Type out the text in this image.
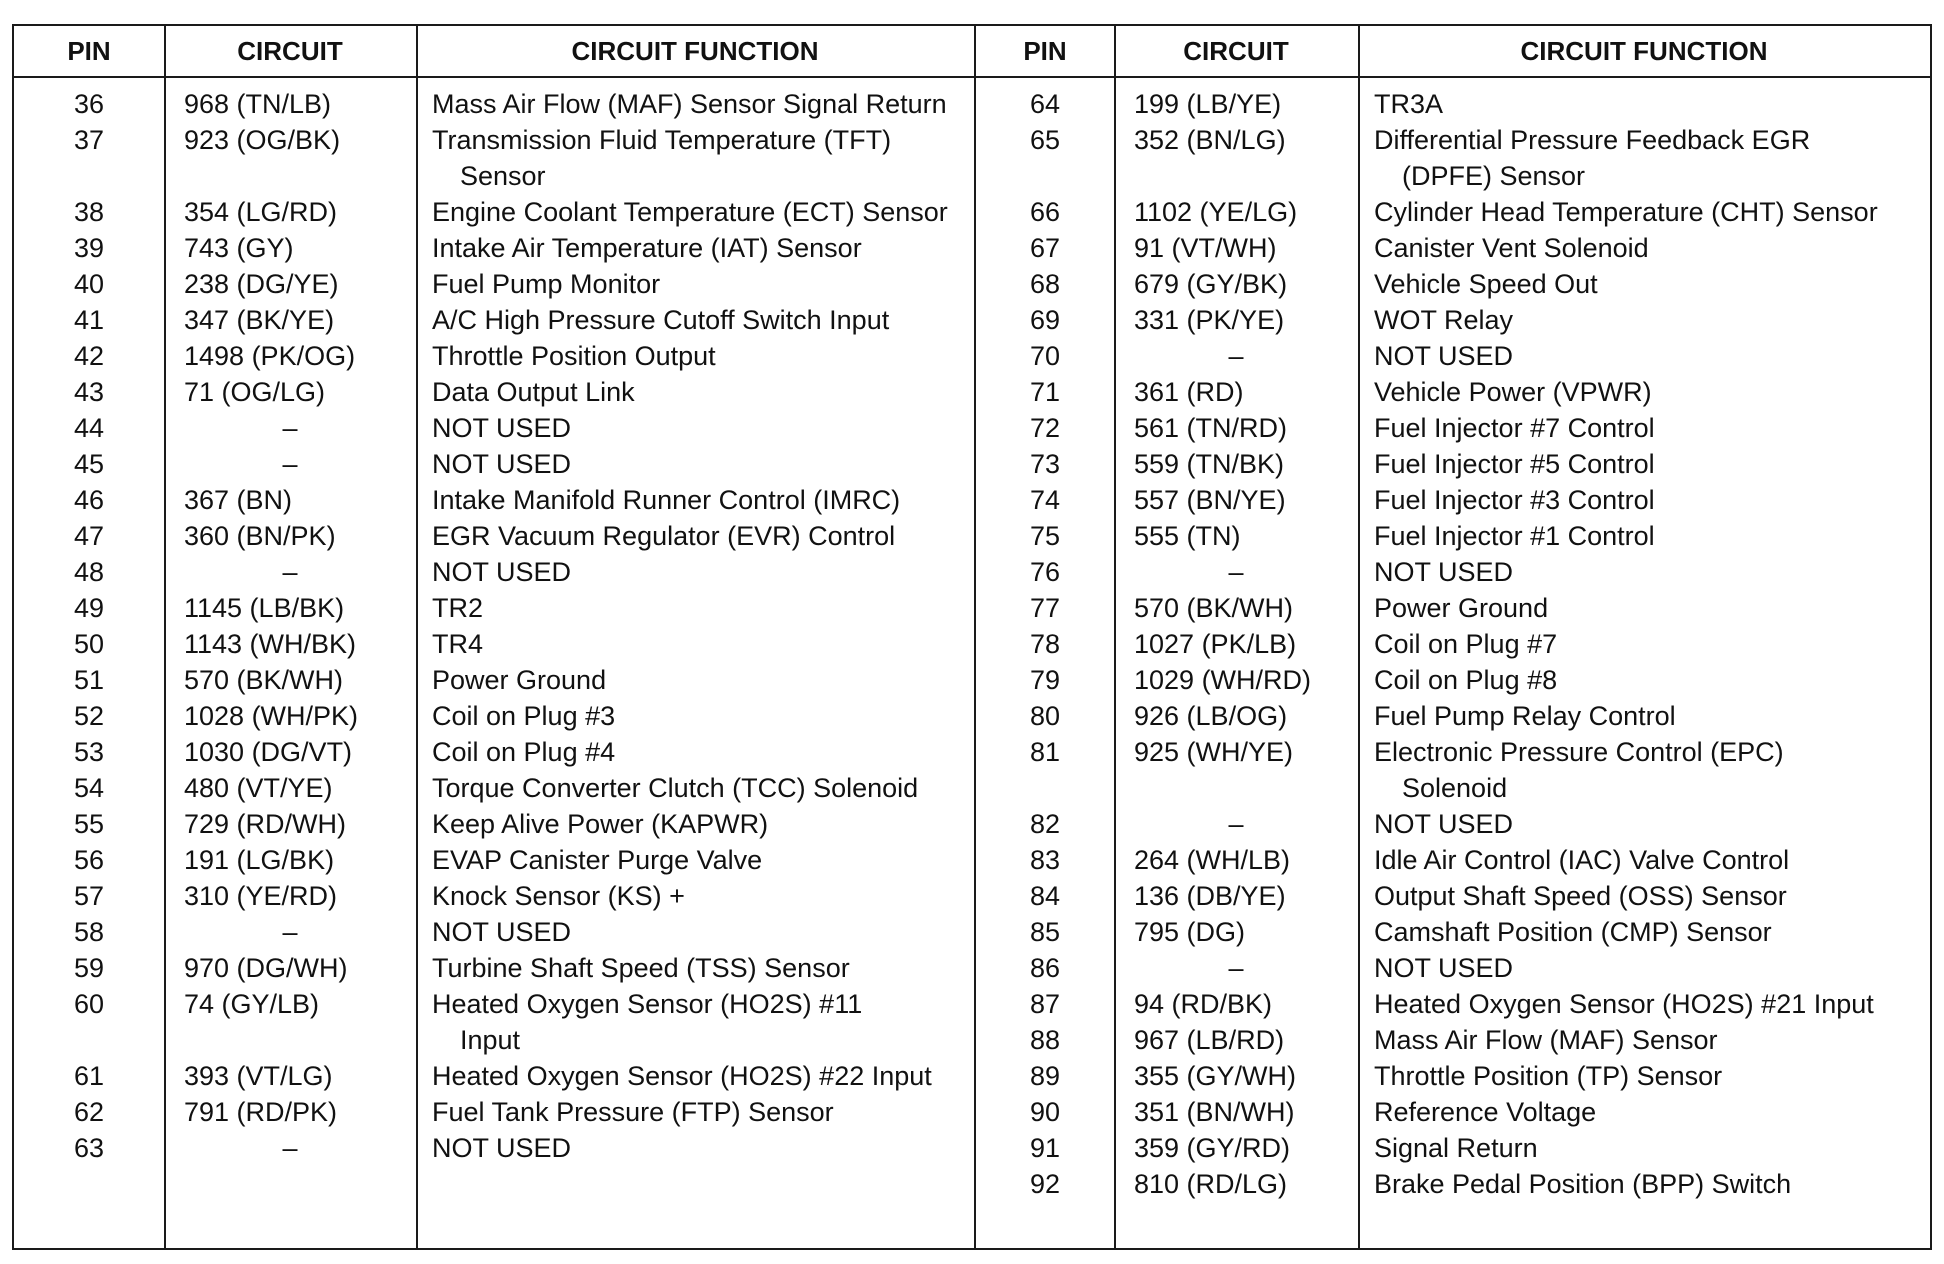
PIN	CIRCUIT	CIRCUIT FUNCTION
36	968 (TN/LB)	Mass Air Flow (MAF) Sensor Signal Return

37	923 (OG/BK)	Transmission Fluid Temperature (TFT)
Sensor

38	354 (LG/RD)	Engine Coolant Temperature (ECT) Sensor

39	743 (GY)	Intake Air Temperature (IAT) Sensor

40	238 (DG/YE)	Fuel Pump Monitor

41	347 (BK/YE)	A/C High Pressure Cutoff Switch Input

42	1498 (PK/OG)	Throttle Position Output

43	71 (OG/LG)	Data Output Link

44	–	NOT USED

45	–	NOT USED

46	367 (BN)	Intake Manifold Runner Control (IMRC)

47	360 (BN/PK)	EGR Vacuum Regulator (EVR) Control

48	–	NOT USED

49	1145 (LB/BK)	TR2

50	1143 (WH/BK)	TR4

51	570 (BK/WH)	Power Ground

52	1028 (WH/PK)	Coil on Plug #3

53	1030 (DG/VT)	Coil on Plug #4

54	480 (VT/YE)	Torque Converter Clutch (TCC) Solenoid

55	729 (RD/WH)	Keep Alive Power (KAPWR)

56	191 (LG/BK)	EVAP Canister Purge Valve

57	310 (YE/RD)	Knock Sensor (KS) +

58	–	NOT USED

59	970 (DG/WH)	Turbine Shaft Speed (TSS) Sensor

60	74 (GY/LB)	Heated Oxygen Sensor (HO2S) #11
Input

61	393 (VT/LG)	Heated Oxygen Sensor (HO2S) #22 Input

62	791 (RD/PK)	Fuel Tank Pressure (FTP) Sensor

63	–	NOT USED
PIN	CIRCUIT	CIRCUIT FUNCTION
64	199 (LB/YE)	TR3A

65	352 (BN/LG)	Differential Pressure Feedback EGR
(DPFE) Sensor

66	1102 (YE/LG)	Cylinder Head Temperature (CHT) Sensor

67	91 (VT/WH)	Canister Vent Solenoid

68	679 (GY/BK)	Vehicle Speed Out

69	331 (PK/YE)	WOT Relay

70	–	NOT USED

71	361 (RD)	Vehicle Power (VPWR)

72	561 (TN/RD)	Fuel Injector #7 Control

73	559 (TN/BK)	Fuel Injector #5 Control

74	557 (BN/YE)	Fuel Injector #3 Control

75	555 (TN)	Fuel Injector #1 Control

76	–	NOT USED

77	570 (BK/WH)	Power Ground

78	1027 (PK/LB)	Coil on Plug #7

79	1029 (WH/RD)	Coil on Plug #8

80	926 (LB/OG)	Fuel Pump Relay Control

81	925 (WH/YE)	Electronic Pressure Control (EPC)
Solenoid

82	–	NOT USED

83	264 (WH/LB)	Idle Air Control (IAC) Valve Control

84	136 (DB/YE)	Output Shaft Speed (OSS) Sensor

85	795 (DG)	Camshaft Position (CMP) Sensor

86	–	NOT USED

87	94 (RD/BK)	Heated Oxygen Sensor (HO2S) #21 Input

88	967 (LB/RD)	Mass Air Flow (MAF) Sensor

89	355 (GY/WH)	Throttle Position (TP) Sensor

90	351 (BN/WH)	Reference Voltage

91	359 (GY/RD)	Signal Return

92	810 (RD/LG)	Brake Pedal Position (BPP) Switch
